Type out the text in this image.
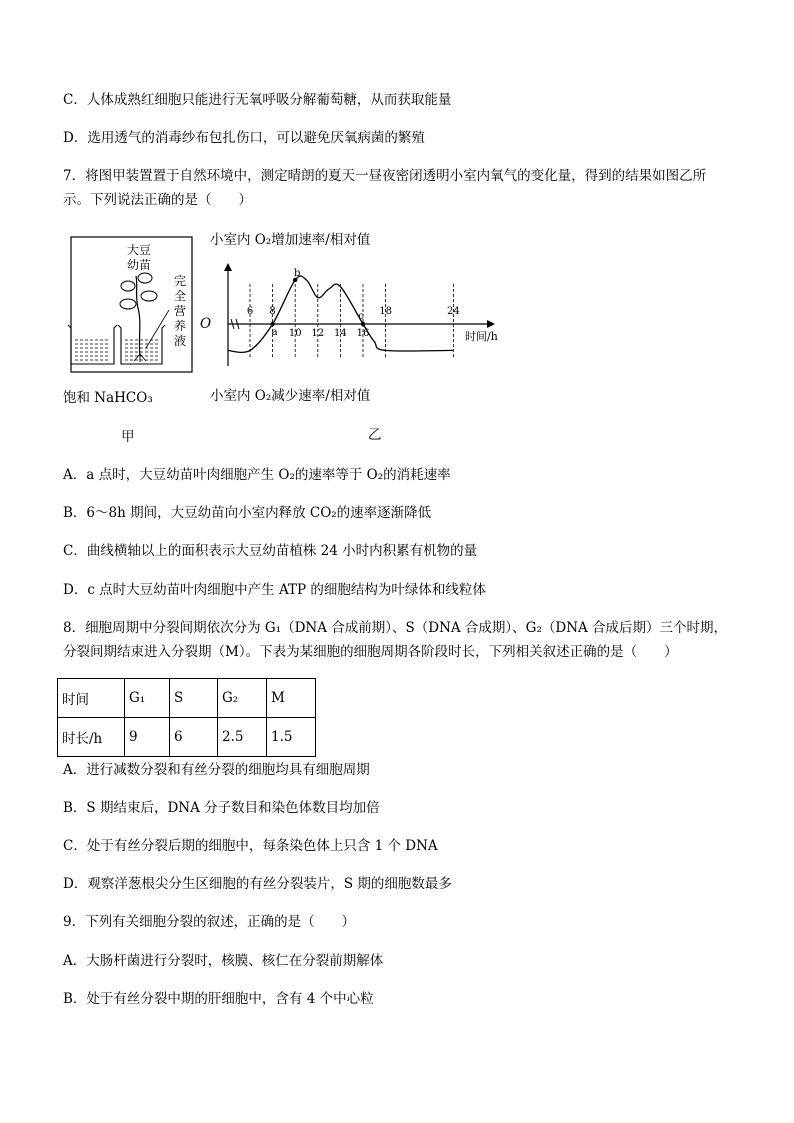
C．人体成熟红细胞只能进行无氧呼吸分解葡萄糖，从而获取能量
D．选用透气的消毒纱布包扎伤口，可以避免厌氧病菌的繁殖
7．将图甲装置置于自然环境中，测定晴朗的夏天一昼夜密闭透明小室内氧气的变化量，得到的结果如图乙所
示。下列说法正确的是（　　）
大豆
幼苗
完
全
营
养
液
饱和 NaHCO₃
甲
小室内 O₂增加速率/相对值
6 8
10 12 14 16
18	24
a
b
c
O
时间/h
小室内 O₂减少速率/相对值
乙
A．a 点时，大豆幼苗叶肉细胞产生 O₂的速率等于 O₂的消耗速率
B．6～8h 期间，大豆幼苗向小室内释放 CO₂的速率逐渐降低
C．曲线横轴以上的面积表示大豆幼苗植株 24 小时内积累有机物的量
D．c 点时大豆幼苗叶肉细胞中产生 ATP 的细胞结构为叶绿体和线粒体
8．细胞周期中分裂间期依次分为 G₁（DNA 合成前期）、S（DNA 合成期）、G₂（DNA 合成后期）三个时期，
分裂间期结束进入分裂期（M）。下表为某细胞的细胞周期各阶段时长，下列相关叙述正确的是（　　）
时间	G₁	S	G₂	M
时长/h	9	6	2.5	1.5
A．进行减数分裂和有丝分裂的细胞均具有细胞周期
B．S 期结束后，DNA 分子数目和染色体数目均加倍
C．处于有丝分裂后期的细胞中，每条染色体上只含 1 个 DNA
D．观察洋葱根尖分生区细胞的有丝分裂装片，S 期的细胞数最多
9．下列有关细胞分裂的叙述，正确的是（　　）
A．大肠杆菌进行分裂时，核膜、核仁在分裂前期解体
B．处于有丝分裂中期的肝细胞中，含有 4 个中心粒
